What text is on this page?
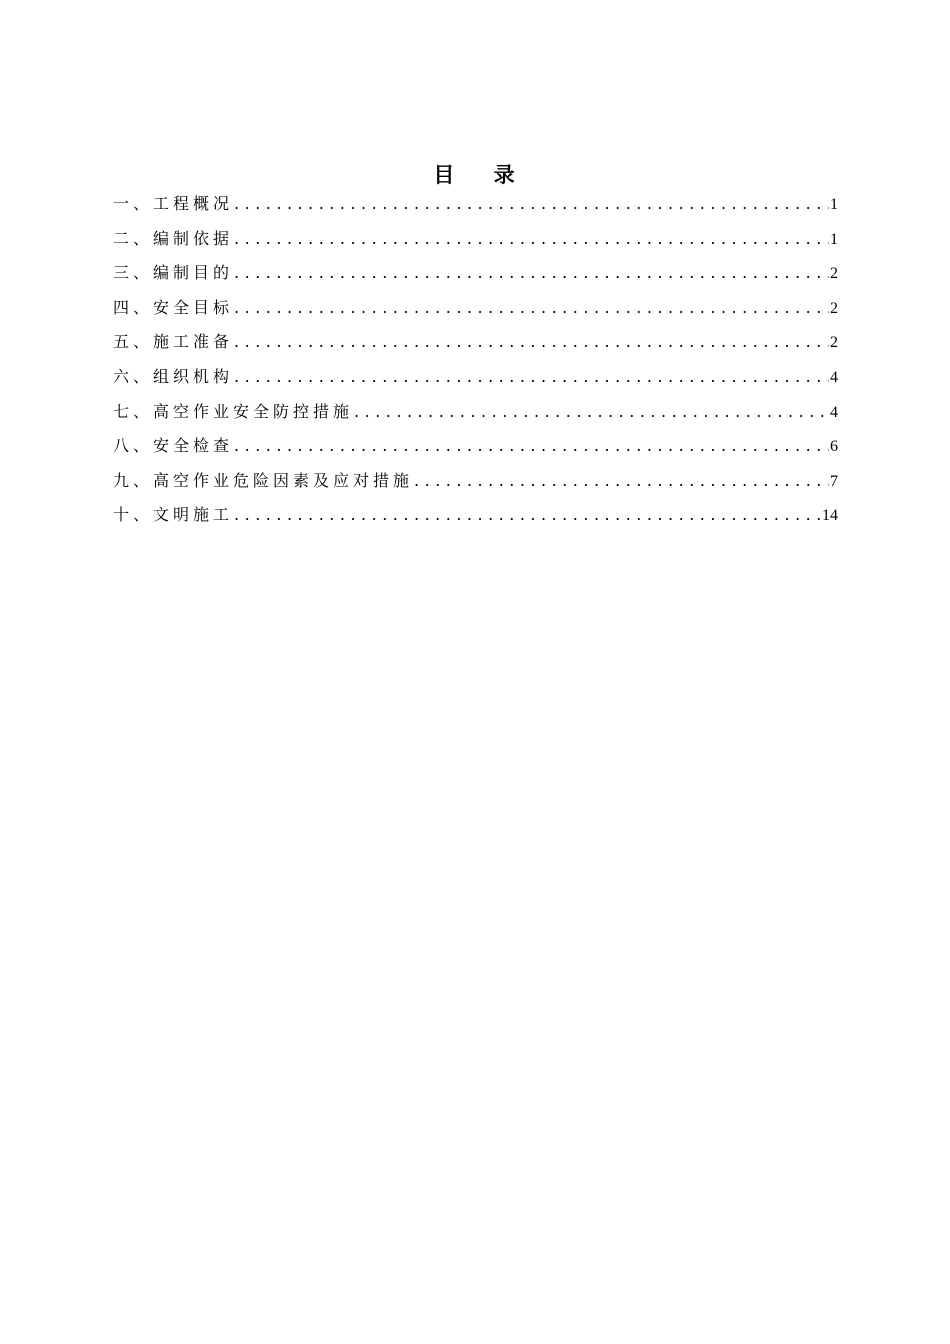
目    录
一、工程概况 .....	1
二、编制依据 .....	1
三、编制目的 .....	2
四、安全目标 .....	2
五、施工准备 .....	2
六、组织机构 .....	4
七、高空作业安全防控措施 .....	4
八、安全检查 .....	6
九、高空作业危险因素及应对措施 .....	7
十、文明施工 .....	14
